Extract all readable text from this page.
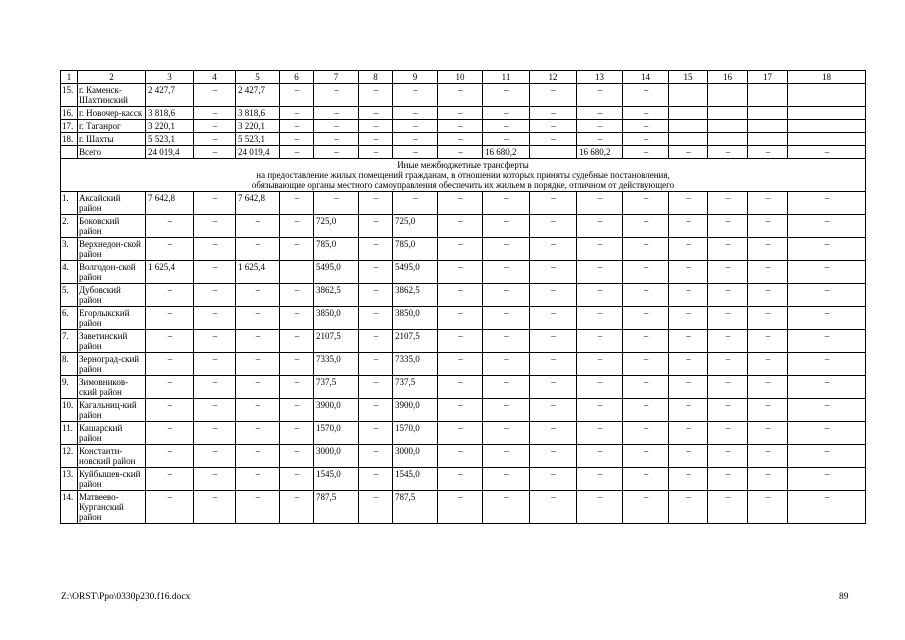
1	2	3	4	5	6	7	8	9	10	11	12	13	14	15	16	17	18
15.	г. Каменск-Шахтинский	2 427,7	–	2 427,7	–	–	–	–	–	–	–	–	–				
16.	г. Новочер-касск	3 818,6	–	3 818,6	–	–	–	–	–	–	–	–	–				
17.	г. Таганрог	3 220,1	–	3 220,1	–	–	–	–	–	–	–	–	–				
18.	г. Шахты	5 523,1	–	5 523,1	–	–	–	–	–	–	–	–	–				
	Всего	24 019,4	–	24 019,4	–	–	–	–	–	16 680,2		16 680,2	–	–	–	–	–

Иные межбюджетные трансферты
на предоставление жилых помещений гражданам, в отношении которых приняты судебные постановления,
обязывающие органы местного самоуправления обеспечить их жильем в порядке, отличном от действующего																	

1.	Аксайский район	7 642,8	–	7 642,8	–	–	–	–	–	–	–	–	–	–	–	–	–
2.	Боковский район	–	–	–	–	725,0	–	725,0	–	–	–	–	–	–	–	–	–
3.	Верхнедон-ской район	–	–	–	–	785,0	–	785,0	–	–	–	–	–	–	–	–	–
4.	Волгодон-ской район	1 625,4	–	1 625,4		5495,0	–	5495,0	–	–	–	–	–	–	–	–	–
5.	Дубовский район	–	–	–	–	3862,5	–	3862,5	–	–	–	–	–	–	–	–	–
6.	Егорлыкский район	–	–	–	–	3850,0	–	3850,0	–	–	–	–	–	–	–	–	–
7.	Заветинский район	–	–	–	–	2107,5	–	2107,5	–	–	–	–	–	–	–	–	–
8.	Зерноград-ский район	–	–	–	–	7335,0	–	7335,0	–	–	–	–	–	–	–	–	–
9.	Зимовников-ский район	–	–	–	–	737,5	–	737,5	–	–	–	–	–	–	–	–	–
10.	Кагальниц-кий район	–	–	–	–	3900,0	–	3900,0	–	–	–	–	–	–	–	–	–
11.	Кашарский район	–	–	–	–	1570,0	–	1570,0	–	–	–	–	–	–	–	–	–
12.	Константи-новский район	–	–	–	–	3000,0	–	3000,0	–	–	–	–	–	–	–	–	–
13.	Куйбышев-ский район	–	–	–	–	1545,0	–	1545,0	–	–	–	–	–	–	–	–	–
14.	Матвеево-Курганский район	–	–	–	–	787,5	–	787,5	–	–	–	–	–	–	–	–	–
Z:\ORST\Ppo\0330p230.f16.docx	89
